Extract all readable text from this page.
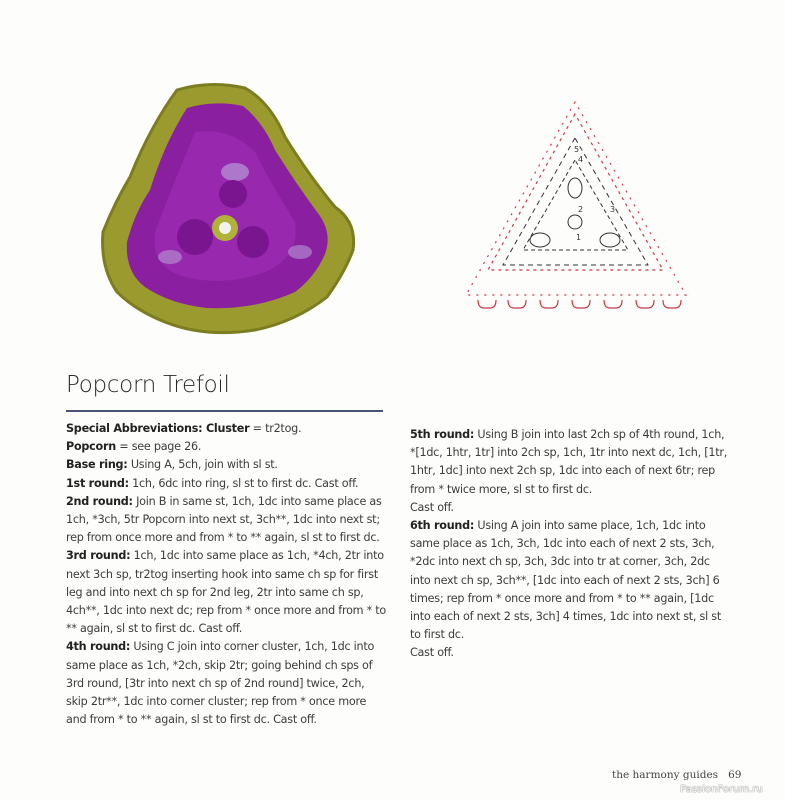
2
1
3
4
5
Popcorn Trefoil

Special Abbreviations: Cluster = tr2tog.

Popcorn = see page 26.

Base ring: Using A, 5ch, join with sl st.

1st round: 1ch, 6dc into ring, sl st to first dc. Cast off.

2nd round: Join B in same st, 1ch, 1dc into same place as 1ch, *3ch, 5tr Popcorn into next st, 3ch**, 1dc into next st; rep from once more and from * to ** again, sl st to first dc.

3rd round: 1ch, 1dc into same place as 1ch, *4ch, 2tr into next 3ch sp, tr2tog inserting hook into same ch sp for first leg and into next ch sp for 2nd leg, 2tr into same ch sp, 4ch**, 1dc into next dc; rep from * once more and from * to ** again, sl st to first dc. Cast off.

4th round: Using C join into corner cluster, 1ch, 1dc into same place as 1ch, *2ch, skip 2tr; going behind ch sps of 3rd round, [3tr into next ch sp of 2nd round] twice, 2ch, skip 2tr**, 1dc into corner cluster; rep from * once more and from * to ** again, sl st to first dc. Cast off.

5th round: Using B join into last 2ch sp of 4th round, 1ch, *[1dc, 1htr, 1tr] into 2ch sp, 1ch, 1tr into next dc, 1ch, [1tr, 1htr, 1dc] into next 2ch sp, 1dc into each of next 6tr; rep from * twice more, sl st to first dc.

Cast off.

6th round: Using A join into same place, 1ch, 1dc into same place as 1ch, 3ch, 1dc into each of next 2 sts, 3ch, *2dc into next ch sp, 3ch, 3dc into tr at corner, 3ch, 2dc into next ch sp, 3ch**, [1dc into each of next 2 sts, 3ch] 6 times; rep from * once more and from * to ** again, [1dc into each of next 2 sts, 3ch] 4 times, 1dc into next st, sl st to first dc.

Cast off.

the harmony guides 69
PassionForum.ru
